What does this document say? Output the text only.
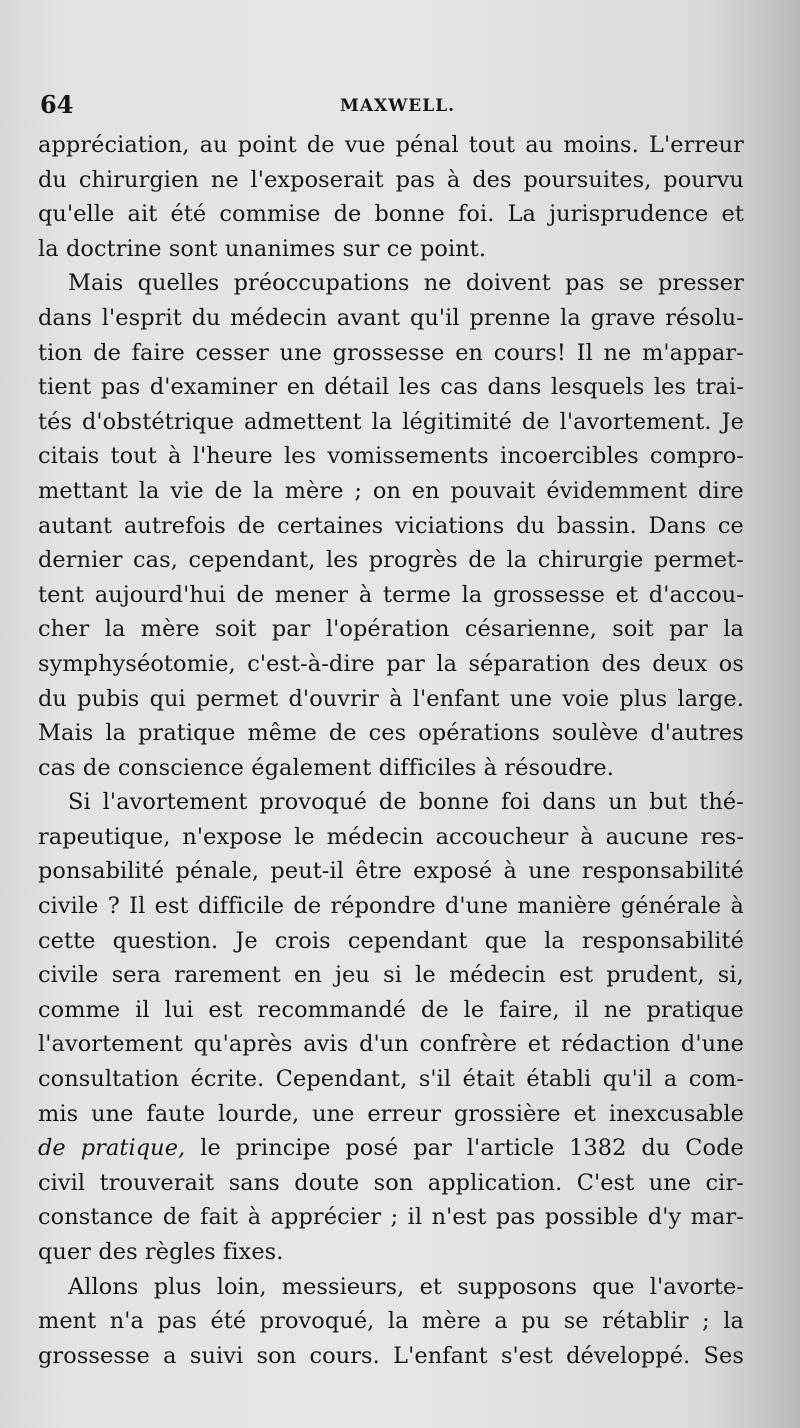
64	MAXWELL.
appréciation, au point de vue pénal tout au moins. L'erreur
du chirurgien ne l'exposerait pas à des poursuites, pourvu
qu'elle ait été commise de bonne foi. La jurisprudence et
la doctrine sont unanimes sur ce point.
Mais quelles préoccupations ne doivent pas se presser
dans l'esprit du médecin avant qu'il prenne la grave résolu-
tion de faire cesser une grossesse en cours! Il ne m'appar-
tient pas d'examiner en détail les cas dans lesquels les trai-
tés d'obstétrique admettent la légitimité de l'avortement. Je
citais tout à l'heure les vomissements incoercibles compro-
mettant la vie de la mère ; on en pouvait évidemment dire
autant autrefois de certaines viciations du bassin. Dans ce
dernier cas, cependant, les progrès de la chirurgie permet-
tent aujourd'hui de mener à terme la grossesse et d'accou-
cher la mère soit par l'opération césarienne, soit par la
symphyséotomie, c'est-à-dire par la séparation des deux os
du pubis qui permet d'ouvrir à l'enfant une voie plus large.
Mais la pratique même de ces opérations soulève d'autres
cas de conscience également difficiles à résoudre.
Si l'avortement provoqué de bonne foi dans un but thé-
rapeutique, n'expose le médecin accoucheur à aucune res-
ponsabilité pénale, peut-il être exposé à une responsabilité
civile ? Il est difficile de répondre d'une manière générale à
cette question. Je crois cependant que la responsabilité
civile sera rarement en jeu si le médecin est prudent, si,
comme il lui est recommandé de le faire, il ne pratique
l'avortement qu'après avis d'un confrère et rédaction d'une
consultation écrite. Cependant, s'il était établi qu'il a com-
mis une faute lourde, une erreur grossière et inexcusable
de pratique, le principe posé par l'article 1382 du Code
civil trouverait sans doute son application. C'est une cir-
constance de fait à apprécier ; il n'est pas possible d'y mar-
quer des règles fixes.
Allons plus loin, messieurs, et supposons que l'avorte-
ment n'a pas été provoqué, la mère a pu se rétablir ; la
grossesse a suivi son cours. L'enfant s'est développé. Ses
